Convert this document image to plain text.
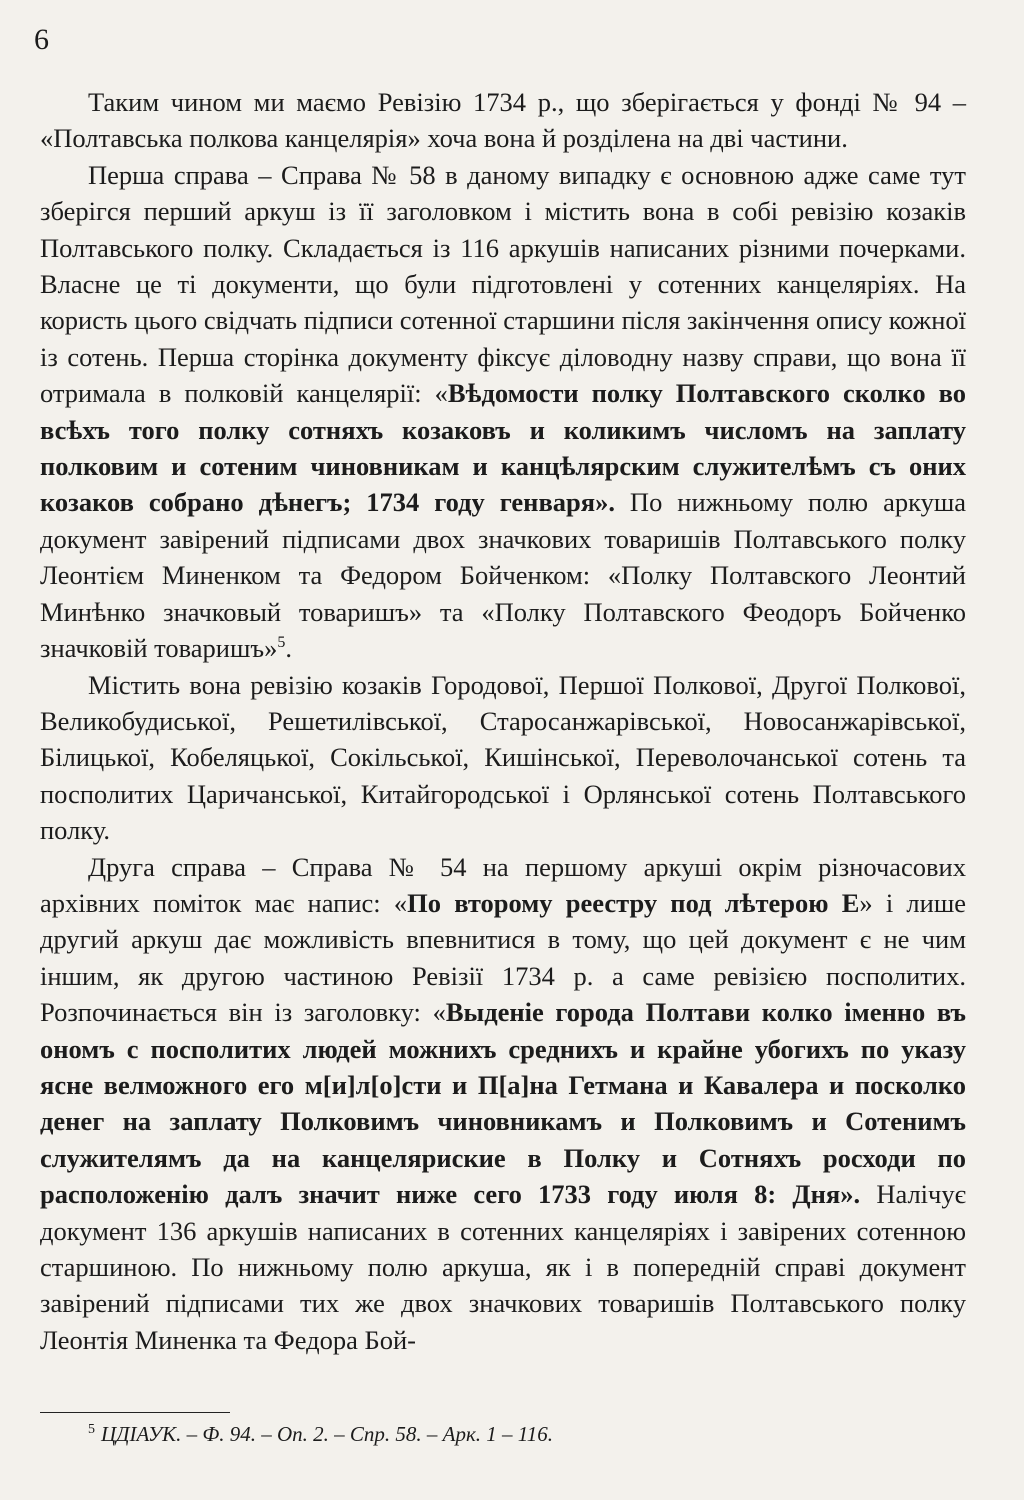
6

Таким чином ми маємо Ревізію 1734 р., що зберігається у фонді № 94 – «Полтавська полкова канцелярія» хоча вона й розділена на дві частини.

Перша справа – Справа № 58 в даному випадку є основною адже саме тут зберігся перший аркуш із її заголовком і містить вона в собі ревізію козаків Полтавського полку. Складається із 116 аркушів написаних різними почерками. Власне це ті документи, що були підготовлені у сотенних канцеляріях. На користь цього свідчать підписи сотенної старшини після закінчення опису кожної із сотень. Перша сторінка документу фіксує діловодну назву справи, що вона її отримала в полковій канцелярії: «Вѣдомости полку Полтавского сколко во всѣхъ того полку сотняхъ козаковъ и коликимъ числомъ на заплату полковим и сотеним чиновникам и канцѣлярским служителѣмъ съ оних козаков собрано дѣнегъ; 1734 году генваря». По нижньому полю аркуша документ завірений підписами двох значкових товаришів Полтавського полку Леонтієм Миненком та Федором Бойченком: «Полку Полтавского Леонтий Минѣнко значковый товаришъ» та «Полку Полтавского Феодоръ Бойченко значковій товаришъ»$^5$.

Містить вона ревізію козаків Городової, Першої Полкової, Другої Полкової, Великобудиської, Решетилівської, Старосанжарівської, Новосанжарівської, Білицької, Кобеляцької, Сокільської, Кишінської, Переволочанської сотень та посполитих Царичанської, Китайгородської і Орлянської сотень Полтавського полку.

Друга справа – Справа № 54 на першому аркуші окрім різночасових архівних поміток має напис: «По второму реестру под лѣтерою Е» і лише другий аркуш дає можливість впевнитися в тому, що цей документ є не чим іншим, як другою частиною Ревізії 1734 р. а саме ревізією посполитих. Розпочинається він із заголовку: «Выденіе города Полтави колко іменно въ ономъ с посполитих людей можнихъ среднихъ и крайне убогихъ по указу ясне велможного его м[и]л[о]сти и П[а]на Гетмана и Кавалера и посколко денег на заплату Полковимъ чиновникамъ и Полковимъ и Сотенимъ служителямъ да на канцеляриские в Полку и Сотняхъ росходи по расположенію далъ значит ниже сего 1733 году июля 8: Дня». Налічує документ 136 аркушів написаних в сотенних канцеляріях і завірених сотенною старшиною. По нижньому полю аркуша, як і в попередній справі документ завірений підписами тих же двох значкових товаришів Полтавського полку Леонтія Миненка та Федора Бой-

$^5$ ЦДІАУК. – Ф. 94. – Оп. 2. – Спр. 58. – Арк. 1 – 116.
